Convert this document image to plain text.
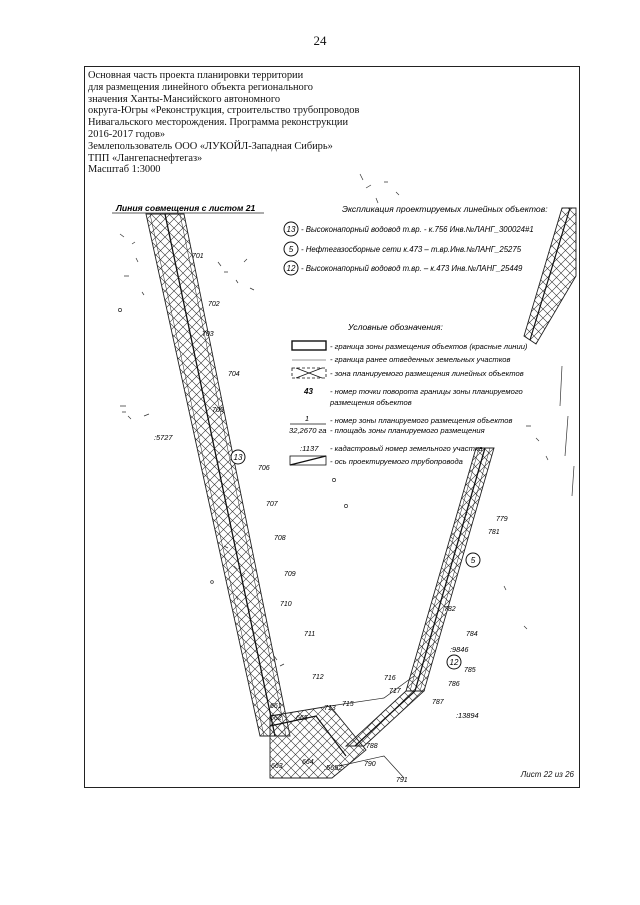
24
Основная часть проекта планировки территории
для размещения линейного объекта регионального
значения Ханты-Мансийского автономного
округа-Югры «Реконструкция, строительство трубопроводов
Нивагальского месторождения. Программа реконструкции
2016-2017 годов»
Землепользователь ООО «ЛУКОЙЛ-Западная Сибирь»
ТПП «Лангепаснефтегаз»
Масштаб 1:3000
Линия совмещения с листом 21	Экспликация проектируемых линейных объектов:
13 - Высоконапорный водовод т.вр. - к.756 Инв.№ЛАНГ_300024#1
5 - Нефтегазосборные сети к.473 – т.вр.Инв.№ЛАНГ_25275
12 - Высоконапорный водовод т.вр. – к.473 Инв.№ЛАНГ_25449
Условные обозначения:
- граница зоны размещения объектов (красные линии)
- граница ранее отведенных земельных участков
- зона планируемого размещения линейных объектов
43 - номер точки поворота границы зоны планируемого
размещения объектов
1
32,2670 га
- номер зоны планируемого размещения объектов
- площадь зоны планируемого размещения
:1137 - кадастровый номер земельного участка
- ось проектируемого трубопровода
13
5
12
701
702
703
704
705
706
707
708
709
710
711
712
713
779
781
782
784
785
786
787
788
790
791
716
715
717
663
662
661
664
665
:5727
:13894
:9846
:5652
Лист 22 из 26
